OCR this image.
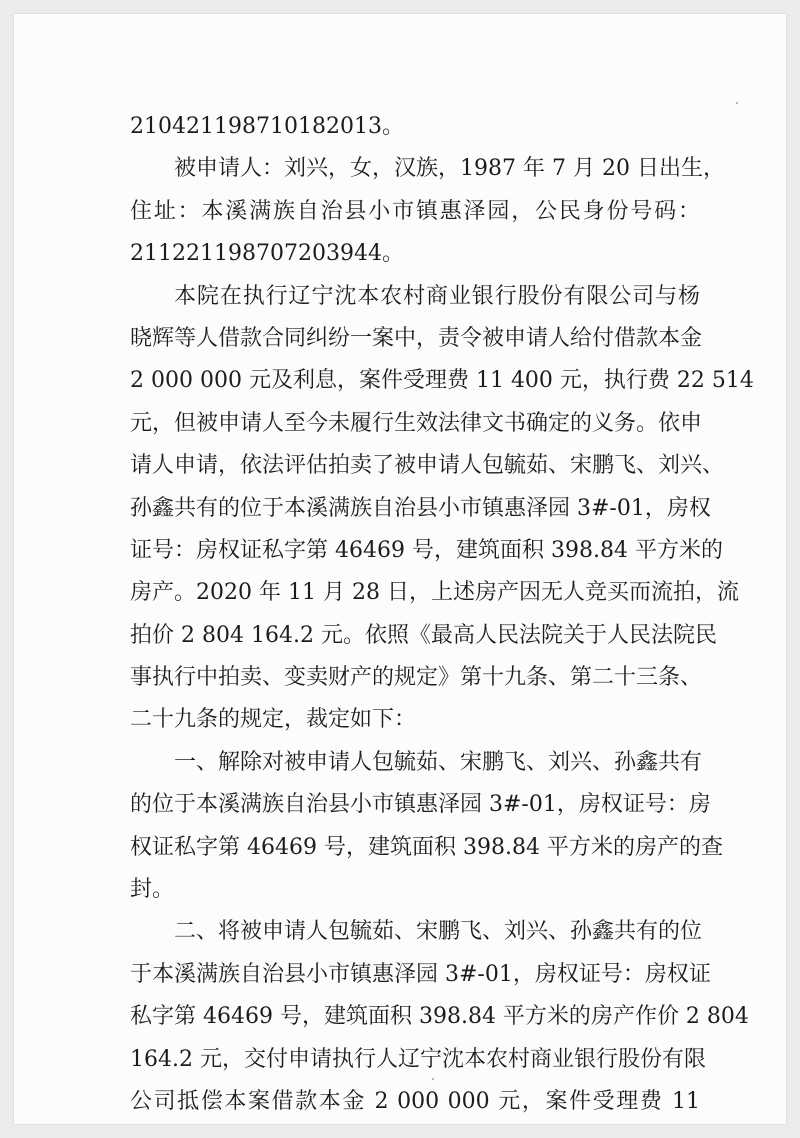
210421198710182013。
被申请人：刘兴，女，汉族，1987 年 7 月 20 日出生，
住址：本溪满族自治县小市镇惠泽园，公民身份号码：
211221198707203944。
本院在执行辽宁沈本农村商业银行股份有限公司与杨
晓辉等人借款合同纠纷一案中，责令被申请人给付借款本金
2 000 000 元及利息，案件受理费 11 400 元，执行费 22 514
元，但被申请人至今未履行生效法律文书确定的义务。依申
请人申请，依法评估拍卖了被申请人包毓茹、宋鹏飞、刘兴、
孙鑫共有的位于本溪满族自治县小市镇惠泽园 3#-01，房权
证号：房权证私字第 46469 号，建筑面积 398.84 平方米的
房产。2020 年 11 月 28 日，上述房产因无人竞买而流拍，流
拍价 2 804 164.2 元。依照《最高人民法院关于人民法院民
事执行中拍卖、变卖财产的规定》第十九条、第二十三条、
二十九条的规定，裁定如下：
一、解除对被申请人包毓茹、宋鹏飞、刘兴、孙鑫共有
的位于本溪满族自治县小市镇惠泽园 3#-01，房权证号：房
权证私字第 46469 号，建筑面积 398.84 平方米的房产的查
封。
二、将被申请人包毓茹、宋鹏飞、刘兴、孙鑫共有的位
于本溪满族自治县小市镇惠泽园 3#-01，房权证号：房权证
私字第 46469 号，建筑面积 398.84 平方米的房产作价 2 804
164.2 元，交付申请执行人辽宁沈本农村商业银行股份有限
公司抵偿本案借款本金 2 000 000 元，案件受理费 11
